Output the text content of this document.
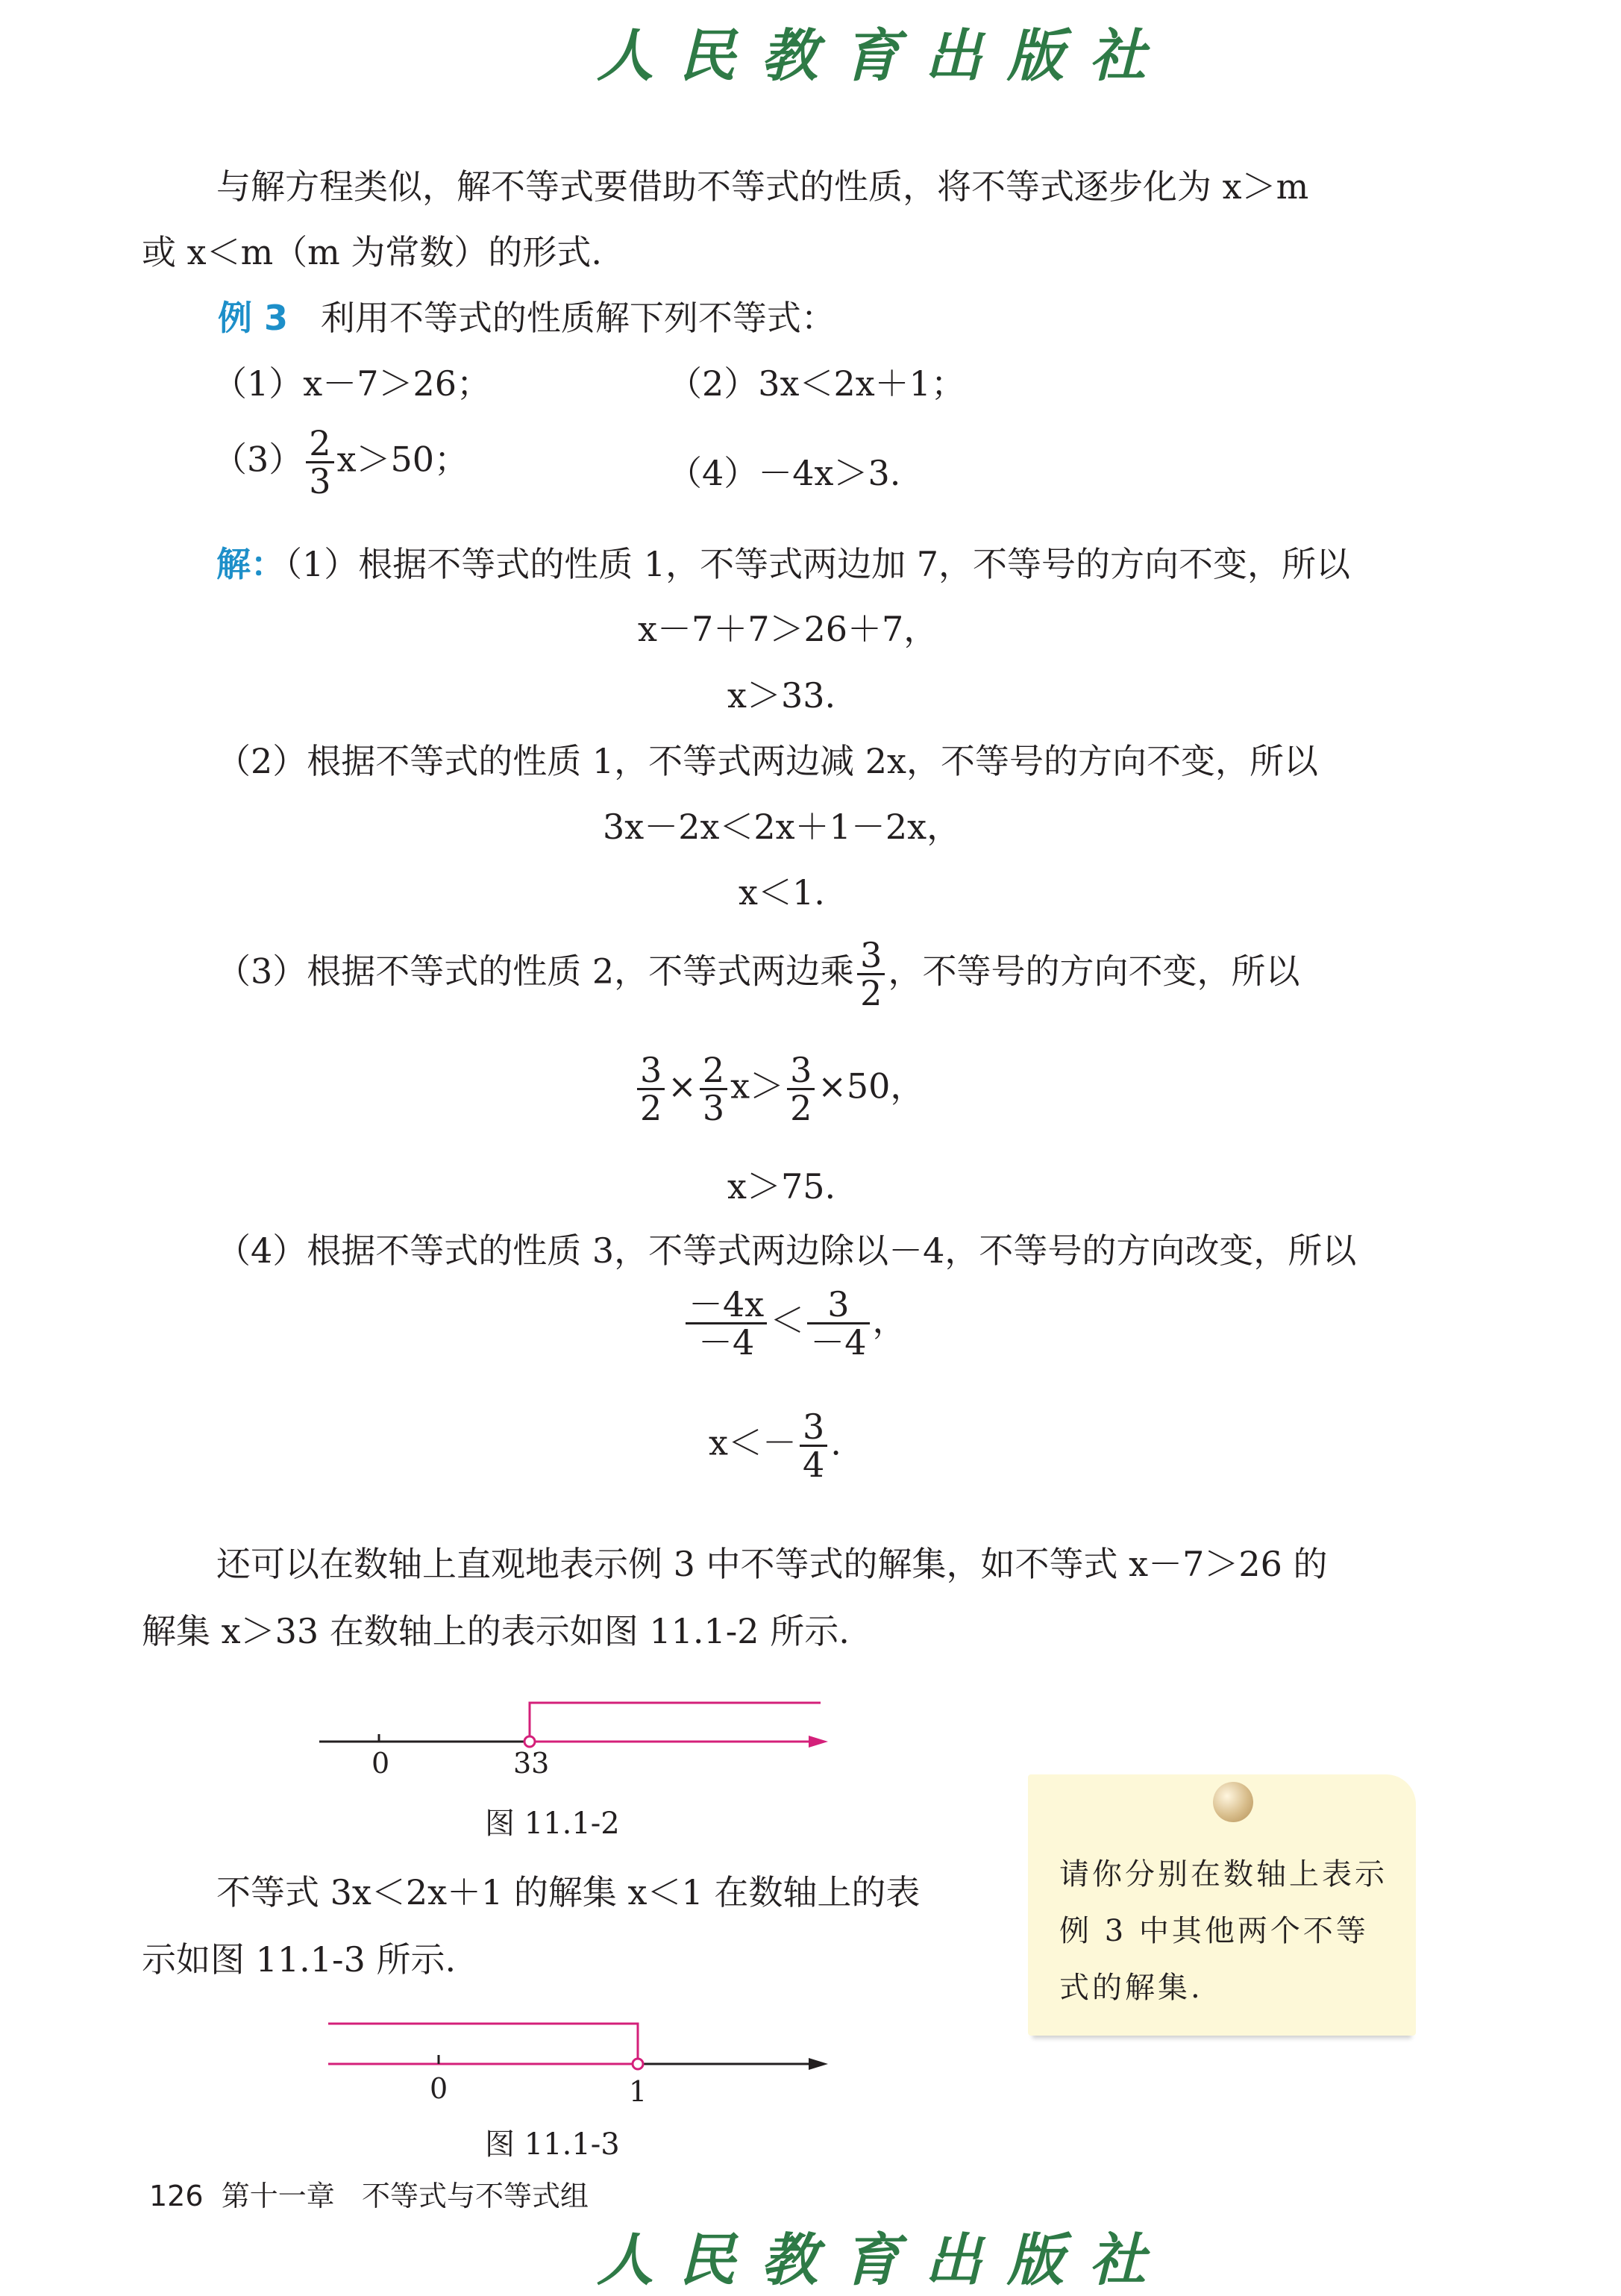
人民教育出版社
与解方程类似，解不等式要借助不等式的性质，将不等式逐步化为 x＞m
或 x＜m（m 为常数）的形式.
例 3 利用不等式的性质解下列不等式：
（1）x－7＞26；	（2）3x＜2x＋1；
$(3) \frac{2}{3} x>50$；	（4）－4x＞3.
解：（1）根据不等式的性质 1，不等式两边加 7，不等号的方向不变，所以
x－7＋7＞26＋7，
x＞33.
（2）根据不等式的性质 1，不等式两边减 2x，不等号的方向不变，所以
3x－2x＜2x＋1－2x，
x＜1.
（3）根据不等式的性质 2，不等式两边乘 $\frac{3}{2}$ ，不等号的方向不变，所以
$\frac{3}{2} \times \frac{2}{3} x> \frac{3}{2} \times 50$，
x＞75.
（4）根据不等式的性质 3，不等式两边除以－4，不等号的方向改变，所以
$\frac{-4x}{-4} < \frac{3}{-4}$ ，
$x<- \frac{3}{4}$ .
还可以在数轴上直观地表示例 3 中不等式的解集，如不等式 x－7＞26 的
解集 x＞33 在数轴上的表示如图 11.1-2 所示.
0	33
图 11.1-2
不等式 3x＜2x＋1 的解集 x＜1 在数轴上的表
示如图 11.1-3 所示.
0	1
图 11.1-3
请你分别在数轴上表示例 3 中其他两个不等式的解集.
126 第十一章 不等式与不等式组
人民教育出版社
